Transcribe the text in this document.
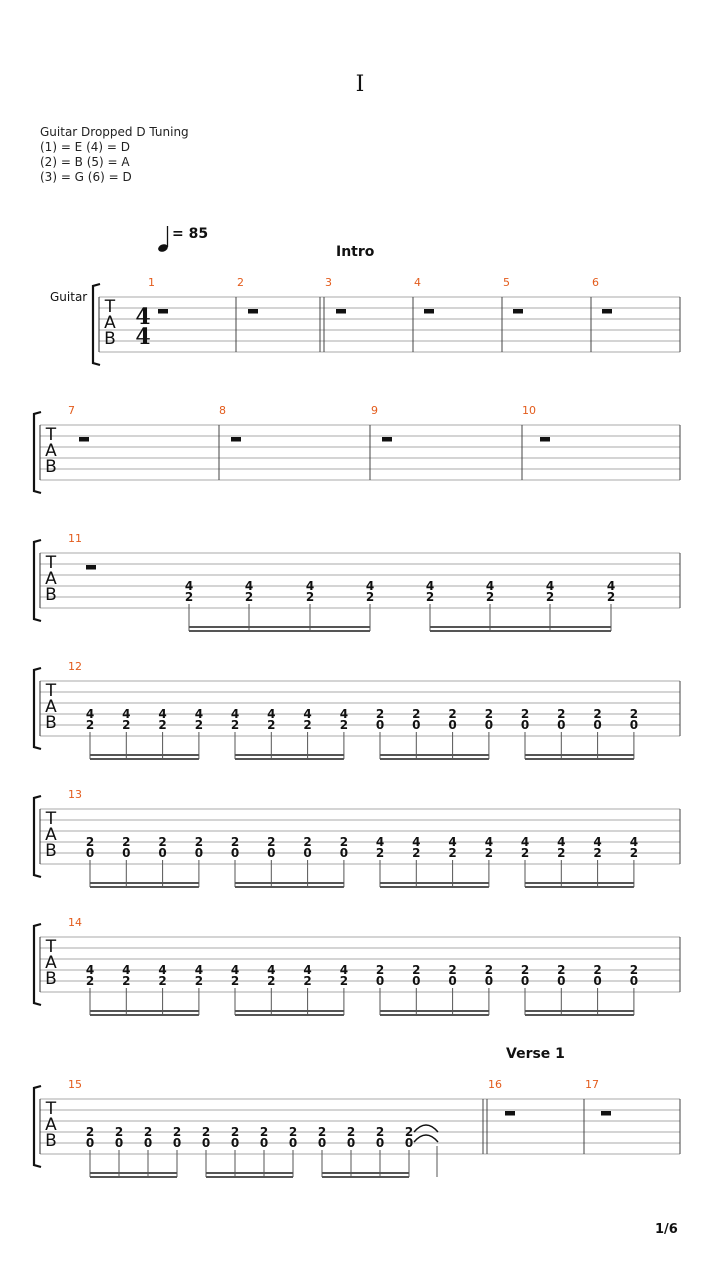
I
Guitar Dropped D Tuning
(1) = E (4) = D
(2) = B (5) = A
(3) = G (6) = D
= 85
Intro
Verse 1
Guitar
1/6
T
A
B
1	2	3	4	5	6
4
4
T
A
B
7	8	9	10
T
A
B
11
4
2
4
2
4
2
4
2
4
2
4
2
4
2
4
2
T
A
B
12
4
2
4
2
4
2
4
2
4
2
4
2
4
2
4
2
2
0
2
0
2
0
2
0
2
0
2
0
2
0
2
0
T
A
B
13
2
0
2
0
2
0
2
0
2
0
2
0
2
0
2
0
4
2
4
2
4
2
4
2
4
2
4
2
4
2
4
2
T
A
B
14
4
2
4
2
4
2
4
2
4
2
4
2
4
2
4
2
2
0
2
0
2
0
2
0
2
0
2
0
2
0
2
0
T
A
B
15	16	17
2
0
2
0
2
0
2
0
2
0
2
0
2
0
2
0
2
0
2
0
2
0
2
0
